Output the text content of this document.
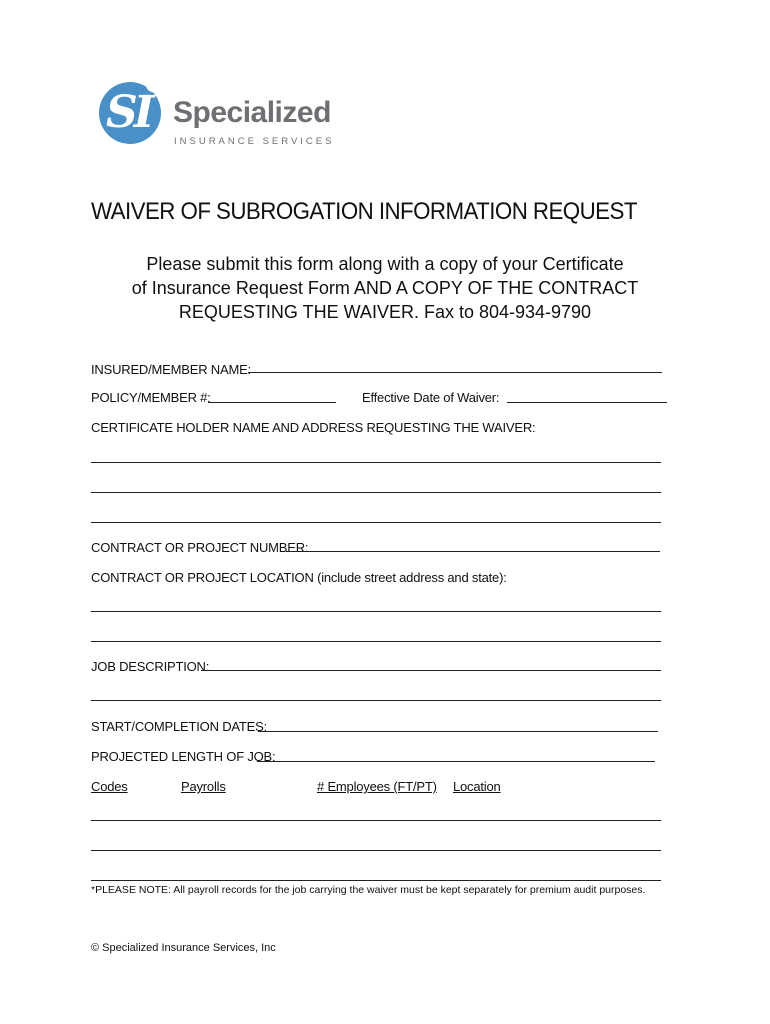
SI Specialized
INSURANCE SERVICES
WAIVER OF SUBROGATION INFORMATION REQUEST
Please submit this form along with a copy of your Certificate
of Insurance Request Form AND A COPY OF THE CONTRACT
REQUESTING THE WAIVER. Fax to 804-934-9790
INSURED/MEMBER NAME:
POLICY/MEMBER #:	Effective Date of Waiver:
CERTIFICATE HOLDER NAME AND ADDRESS REQUESTING THE WAIVER:
CONTRACT OR PROJECT NUMBER:
CONTRACT OR PROJECT LOCATION (include street address and state):
JOB DESCRIPTION:
START/COMPLETION DATES:
PROJECTED LENGTH OF JOB:
Codes	Payrolls	# Employees (FT/PT) Location
*PLEASE NOTE: All payroll records for the job carrying the waiver must be kept separately for premium audit purposes.
© Specialized Insurance Services, Inc
